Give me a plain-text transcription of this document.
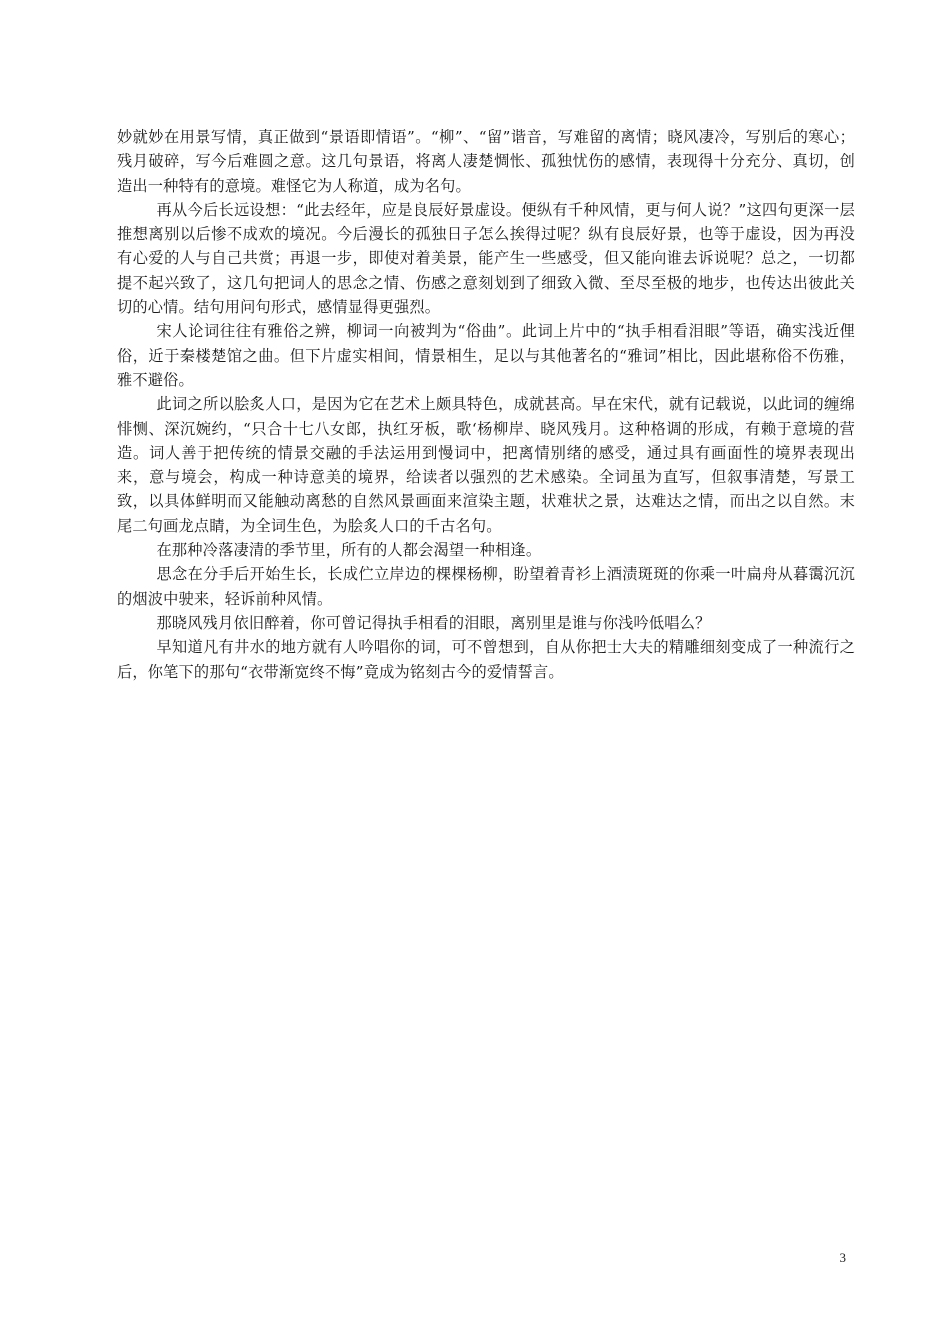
妙就妙在用景写情，真正做到“景语即情语”。“柳”、“留”谐音，写难留的离情；晓风凄冷，写别后的寒心；残月破碎，写今后难圆之意。这几句景语，将离人凄楚惆怅、孤独忧伤的感情，表现得十分充分、真切，创造出一种特有的意境。难怪它为人称道，成为名句。

再从今后长远设想：“此去经年，应是良辰好景虚设。便纵有千种风情，更与何人说？”这四句更深一层推想离别以后惨不成欢的境况。今后漫长的孤独日子怎么挨得过呢？纵有良辰好景，也等于虚设，因为再没有心爱的人与自己共赏；再退一步，即使对着美景，能产生一些感受，但又能向谁去诉说呢？总之，一切都提不起兴致了，这几句把词人的思念之情、伤感之意刻划到了细致入微、至尽至极的地步，也传达出彼此关切的心情。结句用问句形式，感情显得更强烈。

宋人论词往往有雅俗之辨，柳词一向被判为“俗曲”。此词上片中的“执手相看泪眼”等语，确实浅近俚俗，近于秦楼楚馆之曲。但下片虚实相间，情景相生，足以与其他著名的“雅词”相比，因此堪称俗不伤雅，雅不避俗。

此词之所以脍炙人口，是因为它在艺术上颇具特色，成就甚高。早在宋代，就有记载说，以此词的缠绵悱恻、深沉婉约，“只合十七八女郎，执红牙板，歌‘杨柳岸、晓风残月。这种格调的形成，有赖于意境的营造。词人善于把传统的情景交融的手法运用到慢词中，把离情别绪的感受，通过具有画面性的境界表现出来，意与境会，构成一种诗意美的境界，给读者以强烈的艺术感染。全词虽为直写，但叙事清楚，写景工致，以具体鲜明而又能触动离愁的自然风景画面来渲染主题，状难状之景，达难达之情，而出之以自然。末尾二句画龙点睛，为全词生色，为脍炙人口的千古名句。

在那种冷落凄清的季节里，所有的人都会渴望一种相逢。

思念在分手后开始生长，长成伫立岸边的棵棵杨柳，盼望着青衫上酒渍斑斑的你乘一叶扁舟从暮霭沉沉的烟波中驶来，轻诉前种风情。

那晓风残月依旧醉着，你可曾记得执手相看的泪眼，离别里是谁与你浅吟低唱么？

早知道凡有井水的地方就有人吟唱你的词，可不曾想到，自从你把士大夫的精雕细刻变成了一种流行之后，你笔下的那句“衣带渐宽终不悔”竟成为铭刻古今的爱情誓言。

3
